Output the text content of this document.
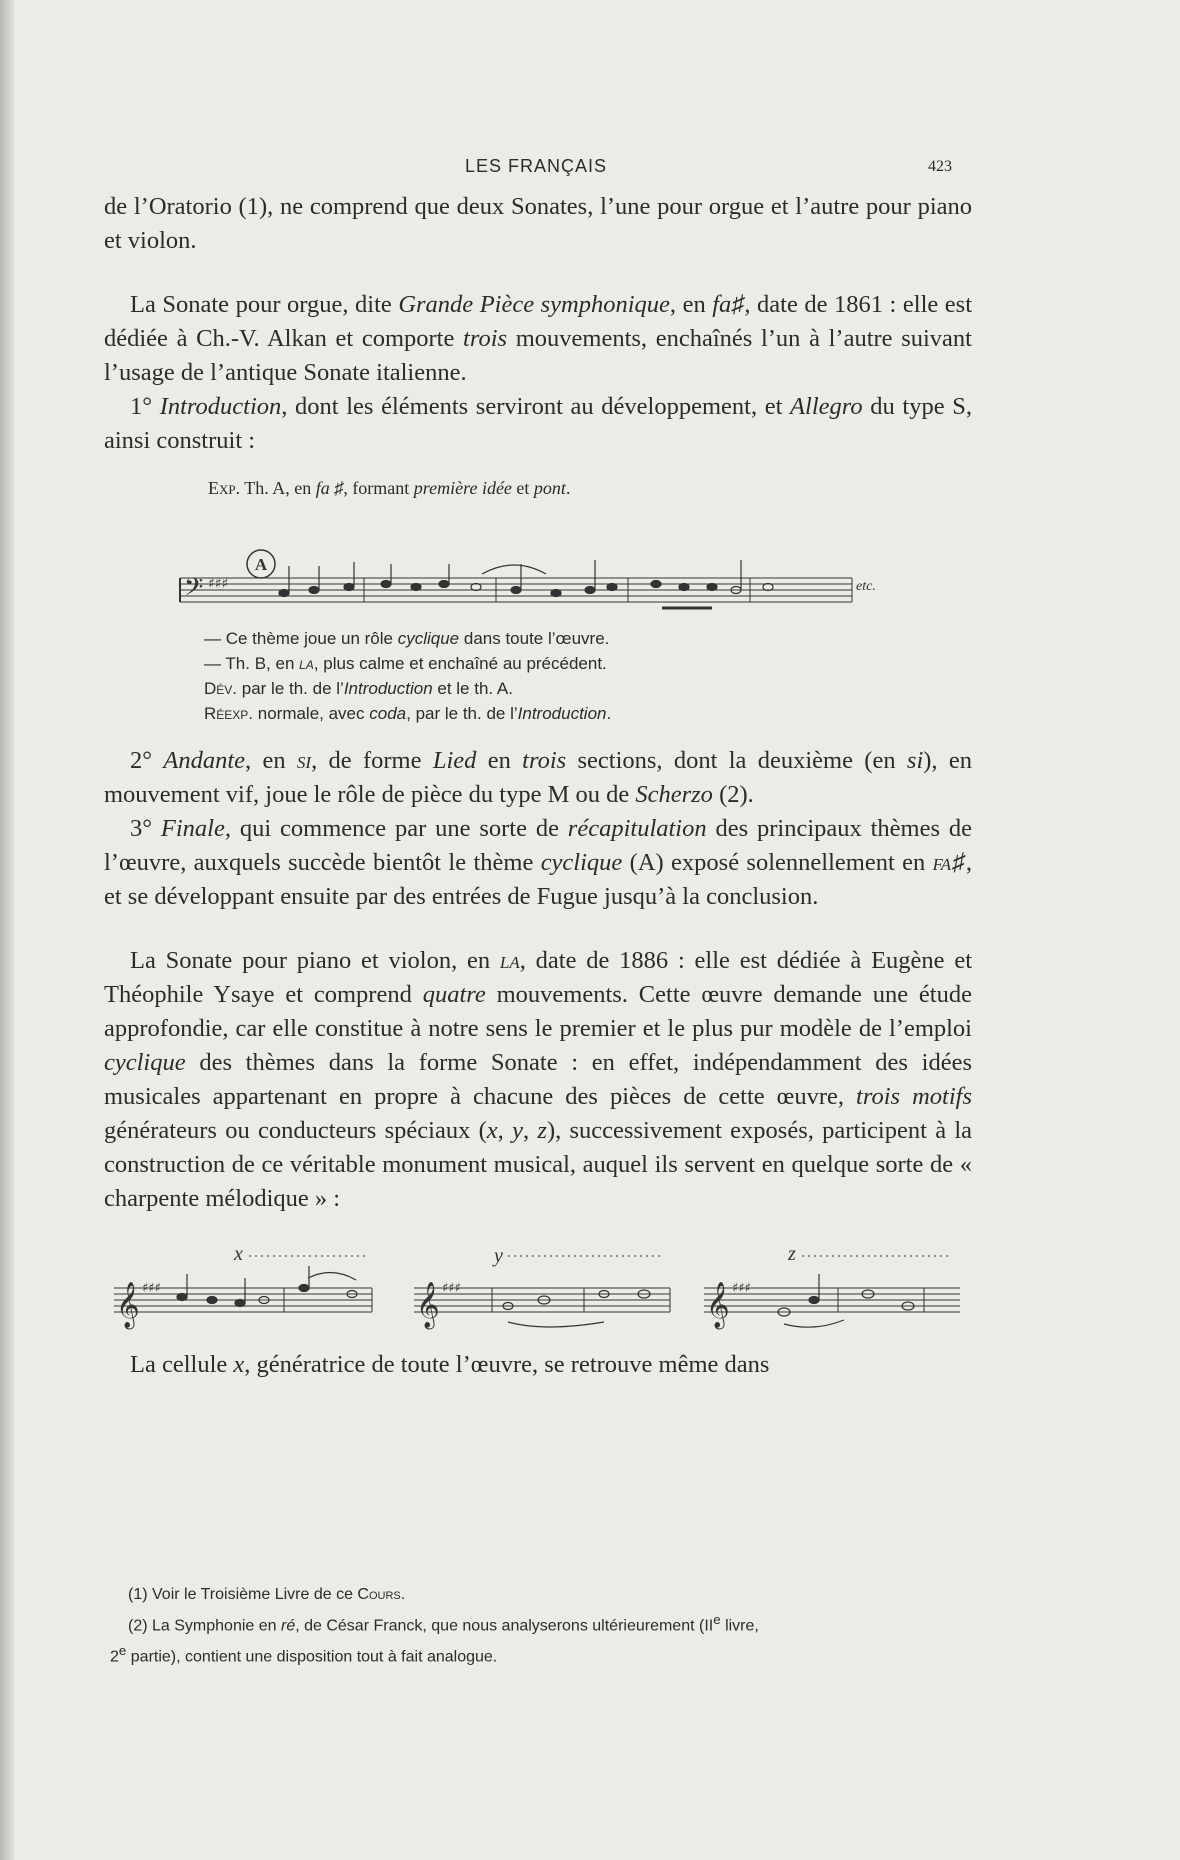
LES FRANÇAIS	423

de l’Oratorio (1), ne comprend que deux Sonates, l’une pour orgue et l’autre pour piano et violon.

La Sonate pour orgue, dite Grande Pièce symphonique, en fa♯, date de 1861 : elle est dédiée à Ch.-V. Alkan et comporte trois mouvements, enchaînés l’un à l’autre suivant l’usage de l’antique Sonate italienne.

1° Introduction, dont les éléments serviront au développement, et Allegro du type S, ainsi construit :

Exp. Th. A, en fa ♯, formant première idée et pont.
𝄢 ♯♯♯
A
etc.
— Ce thème joue un rôle cyclique dans toute l’œuvre.
— Th. B, en la, plus calme et enchaîné au précédent.
Dév. par le th. de l’Introduction et le th. A.
Réexp. normale, avec coda, par le th. de l’Introduction.

2° Andante, en si, de forme Lied en trois sections, dont la deuxième (en si), en mouvement vif, joue le rôle de pièce du type M ou de Scherzo (2).

3° Finale, qui commence par une sorte de récapitulation des principaux thèmes de l’œuvre, auxquels succède bientôt le thème cyclique (A) exposé solennellement en fa♯, et se développant ensuite par des entrées de Fugue jusqu’à la conclusion.

La Sonate pour piano et violon, en la, date de 1886 : elle est dédiée à Eugène et Théophile Ysaye et comprend quatre mouvements. Cette œuvre demande une étude approfondie, car elle constitue à notre sens le premier et le plus pur modèle de l’emploi cyclique des thèmes dans la forme Sonate : en effet, indépendamment des idées musicales appartenant en propre à chacune des pièces de cette œuvre, trois motifs générateurs ou conducteurs spéciaux (x, y, z), successivement exposés, participent à la construction de ce véritable monument musical, auquel ils servent en quelque sorte de « charpente mélodique » :

𝄞 ♯♯♯	𝄞 ♯♯♯	𝄞 ♯♯♯
x	y	z

La cellule x, génératrice de toute l’œuvre, se retrouve même dans

(1) Voir le Troisième Livre de ce Cours.
(2) La Symphonie en ré, de César Franck, que nous analyserons ultérieurement (IIe livre,
2e partie), contient une disposition tout à fait analogue.
